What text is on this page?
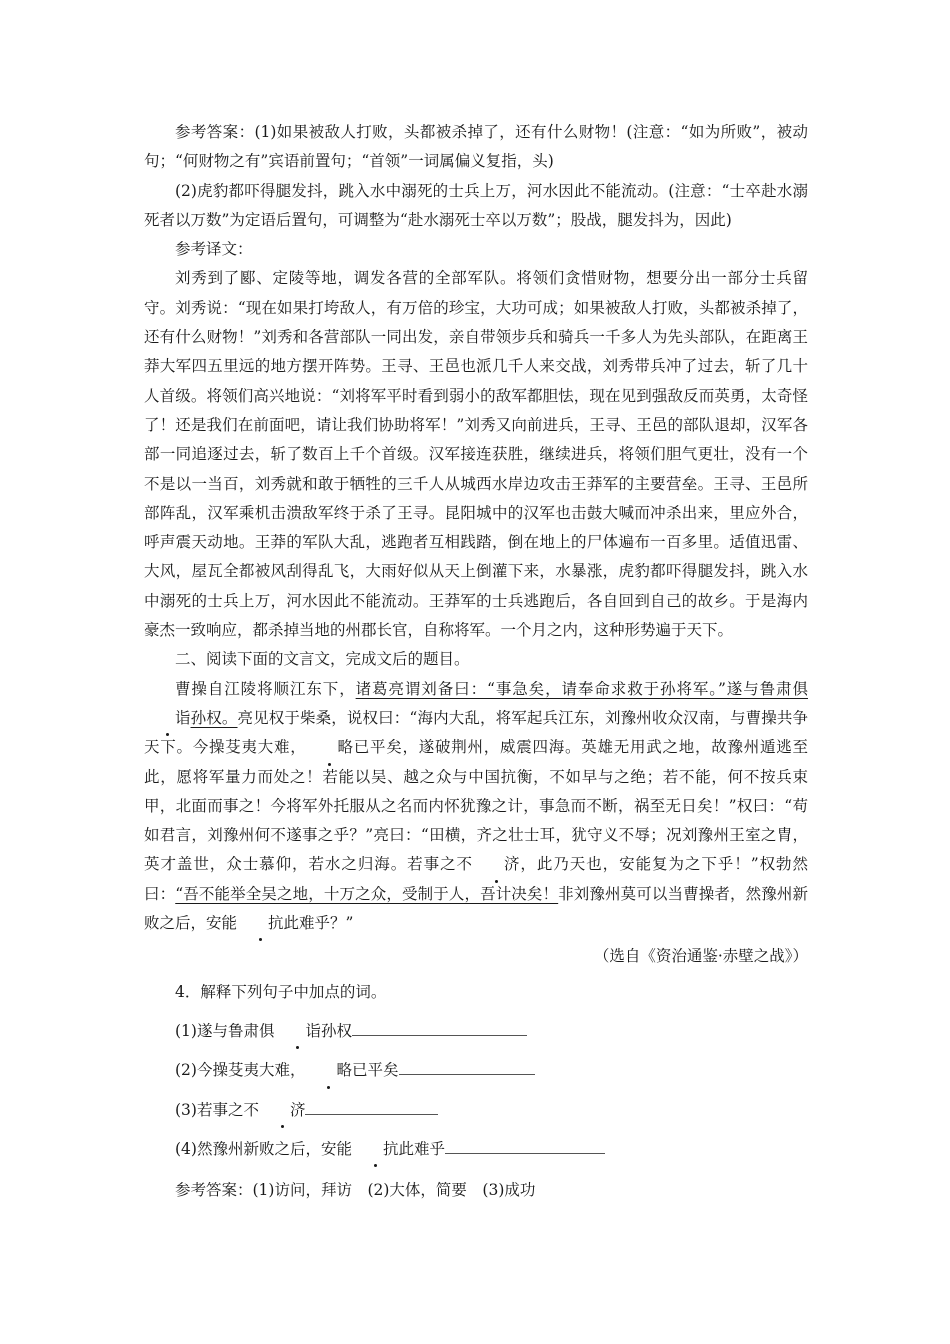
参考答案：(1)如果被敌人打败，头都被杀掉了，还有什么财物！(注意：“如为所败”，被动句；“何财物之有”宾语前置句；“首领”一词属偏义复指，头)

(2)虎豹都吓得腿发抖，跳入水中溺死的士兵上万，河水因此不能流动。(注意：“士卒赴水溺死者以万数”为定语后置句，可调整为“赴水溺死士卒以万数”；股战，腿发抖为，因此)

参考译文：

刘秀到了郾、定陵等地，调发各营的全部军队。将领们贪惜财物，想要分出一部分士兵留守。刘秀说：“现在如果打垮敌人，有万倍的珍宝，大功可成；如果被敌人打败，头都被杀掉了，还有什么财物！”刘秀和各营部队一同出发，亲自带领步兵和骑兵一千多人为先头部队，在距离王莽大军四五里远的地方摆开阵势。王寻、王邑也派几千人来交战，刘秀带兵冲了过去，斩了几十人首级。将领们高兴地说：“刘将军平时看到弱小的敌军都胆怯，现在见到强敌反而英勇，太奇怪了！还是我们在前面吧，请让我们协助将军！”刘秀又向前进兵，王寻、王邑的部队退却，汉军各部一同追逐过去，斩了数百上千个首级。汉军接连获胜，继续进兵，将领们胆气更壮，没有一个不是以一当百，刘秀就和敢于牺牲的三千人从城西水岸边攻击王莽军的主要营垒。王寻、王邑所部阵乱，汉军乘机击溃敌军终于杀了王寻。昆阳城中的汉军也击鼓大喊而冲杀出来，里应外合，呼声震天动地。王莽的军队大乱，逃跑者互相践踏，倒在地上的尸体遍布一百多里。适值迅雷、大风，屋瓦全都被风刮得乱飞，大雨好似从天上倒灌下来，水暴涨，虎豹都吓得腿发抖，跳入水中溺死的士兵上万，河水因此不能流动。王莽军的士兵逃跑后，各自回到自己的故乡。于是海内豪杰一致响应，都杀掉当地的州郡长官，自称将军。一个月之内，这种形势遍于天下。

二、阅读下面的文言文，完成文后的题目。

曹操自江陵将顺江东下，诸葛亮谓刘备曰：“事急矣，请奉命求救于孙将军。”遂与鲁肃俱诣孙权。亮见权于柴桑，说权曰：“海内大乱，将军起兵江东，刘豫州收众汉南，与曹操共争天下。今操芟夷大难， 略已平矣，遂破荆州，威震四海。英雄无用武之地，故豫州遁逃至此，愿将军量力而处之！若能以吴、越之众与中国抗衡，不如早与之绝；若不能，何不按兵束甲，北面而事之！今将军外托服从之名而内怀犹豫之计，事急而不断，祸至无日矣！”权曰：“苟如君言，刘豫州何不遂事之乎？”亮曰：“田横，齐之壮士耳，犹守义不辱；况刘豫州王室之胄，英才盖世，众士慕仰，若水之归海。若事之不 济，此乃天也，安能复为之下乎！”权勃然曰：“吾不能举全吴之地，十万之众，受制于人，吾计决矣！非刘豫州莫可以当曹操者，然豫州新败之后，安能 抗此难乎？”

（选自《资治通鉴·赤壁之战》）

4．解释下列句子中加点的词。

(1)遂与鲁肃俱 诣孙权

(2)今操芟夷大难， 略已平矣

(3)若事之不 济

(4)然豫州新败之后，安能 抗此难乎

参考答案：(1)访问，拜访　(2)大体，简要　(3)成功
